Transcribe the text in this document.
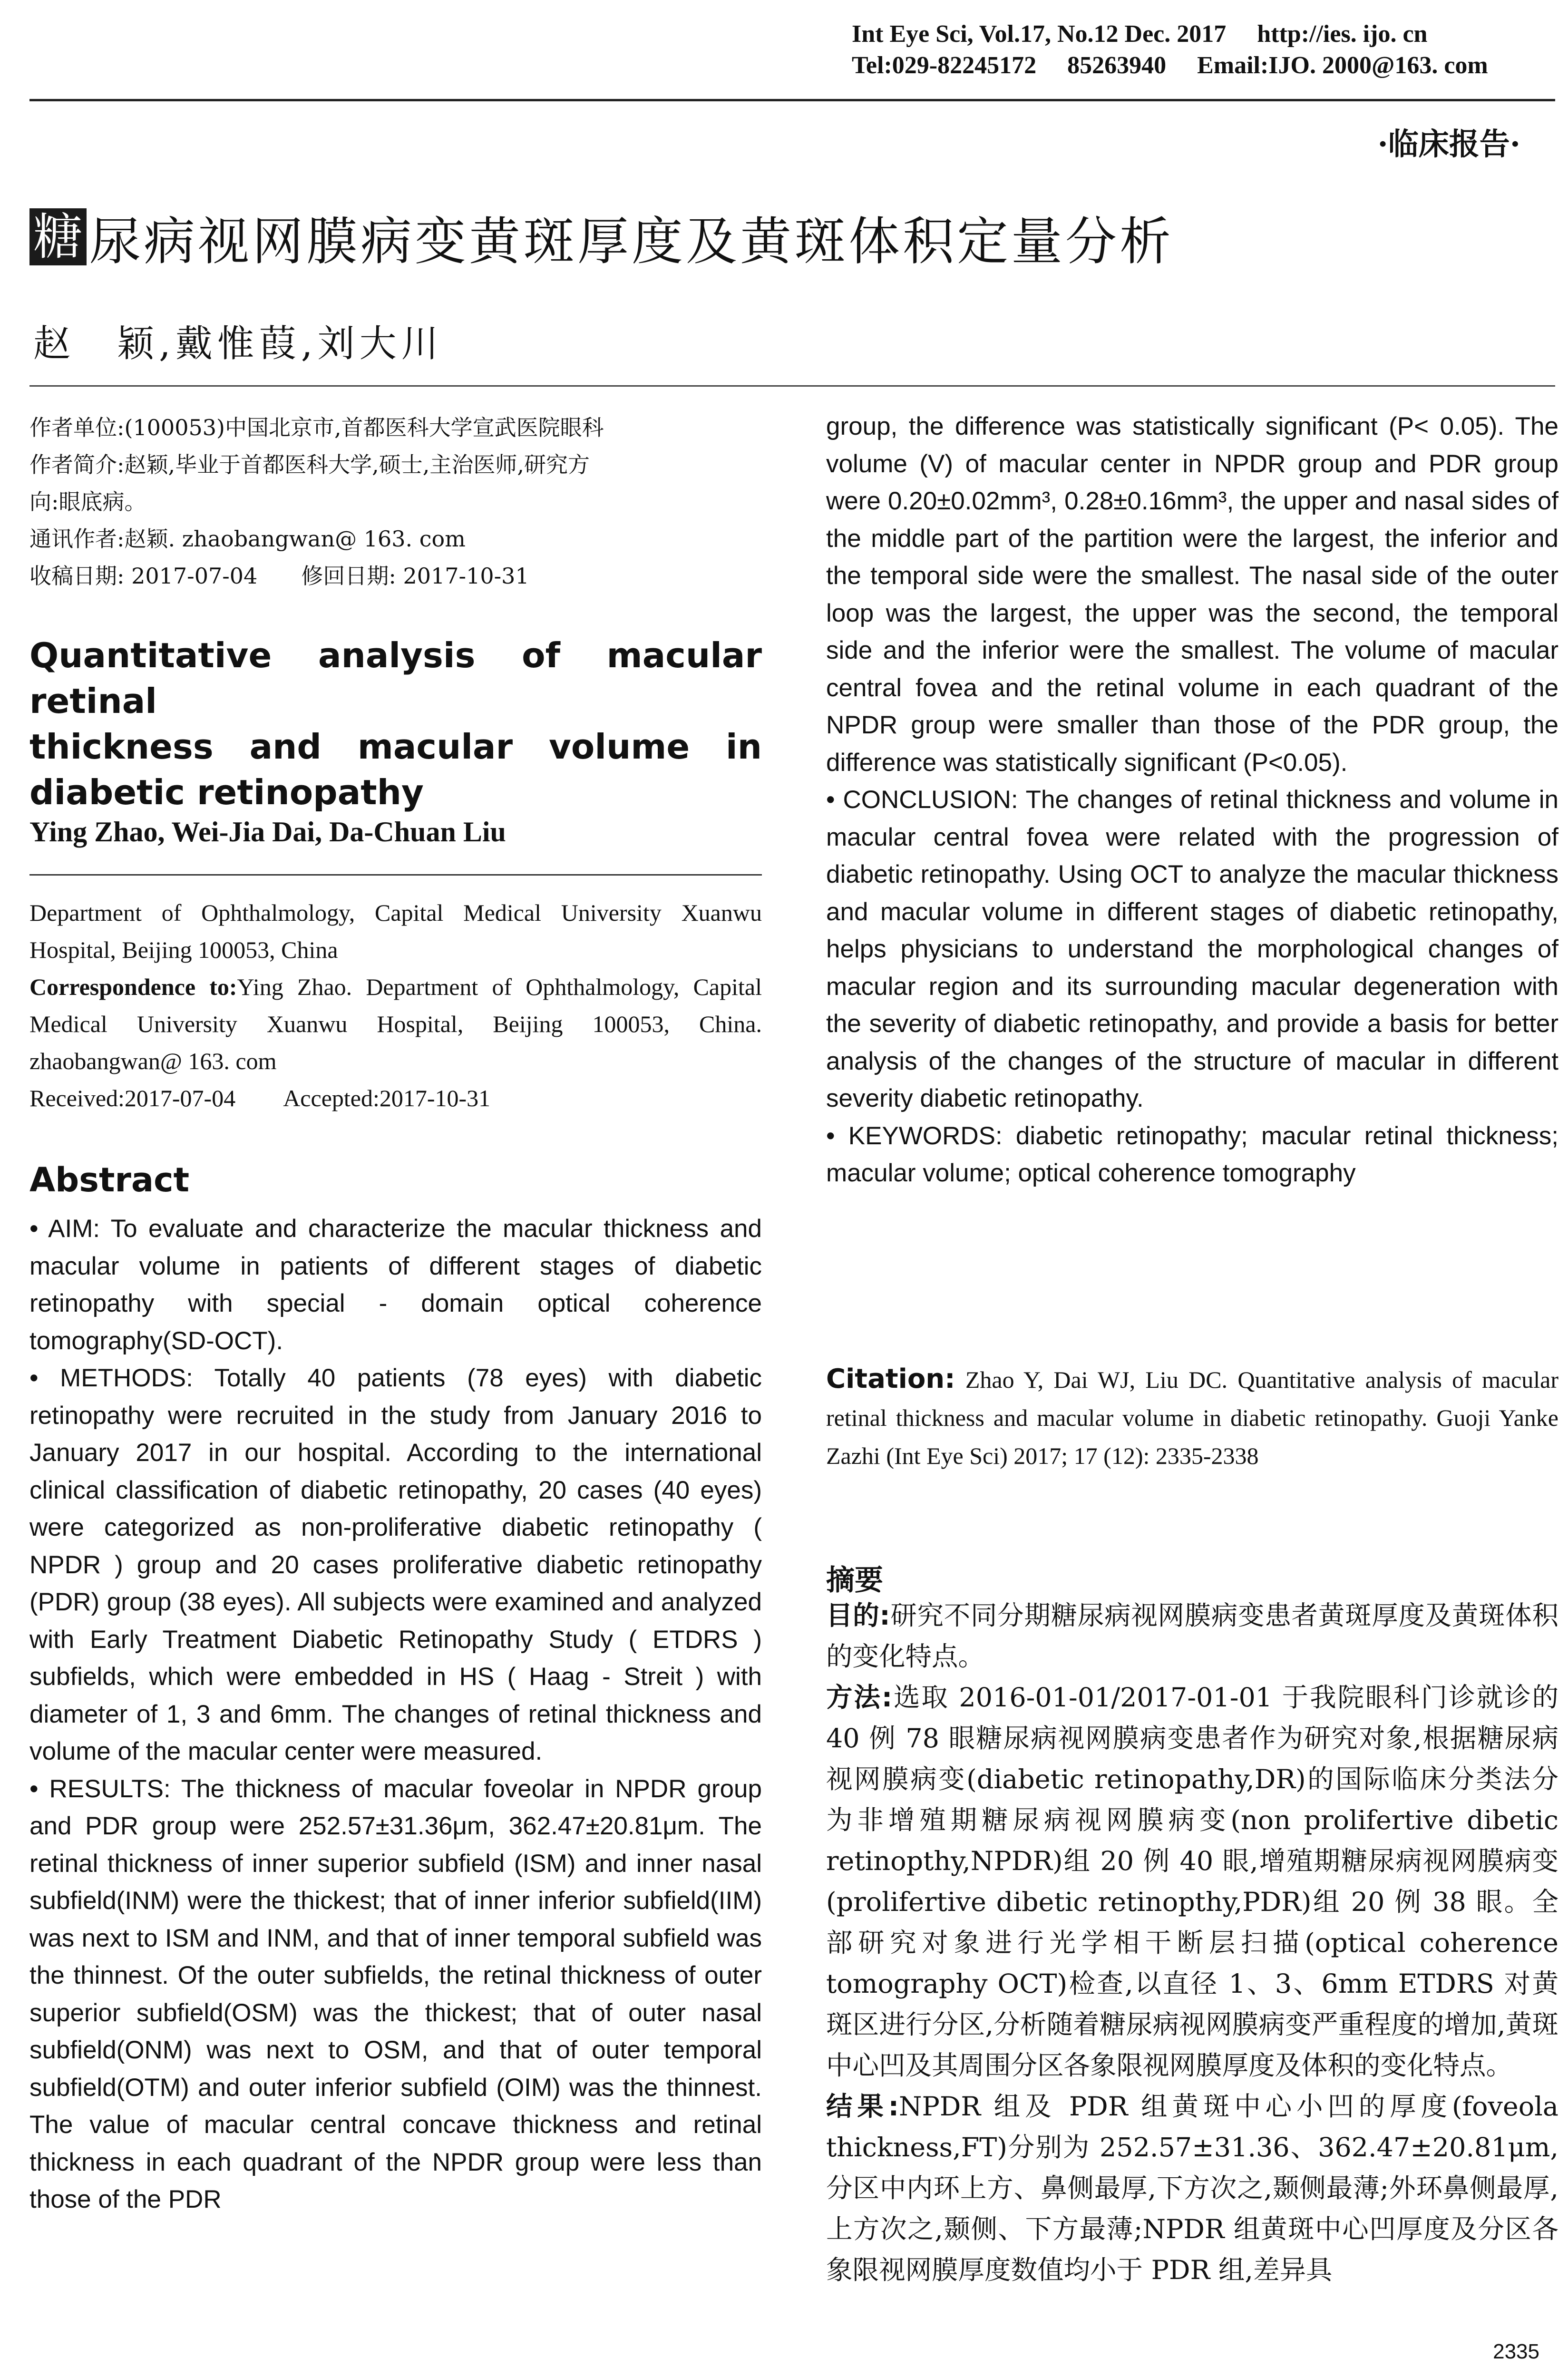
Int Eye Sci, Vol.17, No.12 Dec. 2017     http://ies. ijo. cn
Tel:029-82245172     85263940     Email:IJO. 2000@163. com
·临床报告·
糖 尿病视网膜病变黄斑厚度及黄斑体积定量分析
赵　颖,戴惟葭,刘大川
作者单位:(100053)中国北京市,首都医科大学宣武医院眼科
作者简介:赵颖,毕业于首都医科大学,硕士,主治医师,研究方
向:眼底病。
通讯作者:赵颖. zhaobangwan@ 163. com
收稿日期: 2017-07-04　　修回日期: 2017-10-31
Quantitative analysis of macular retinal
thickness and macular volume in
diabetic retinopathy
Ying Zhao, Wei-Jia Dai, Da-Chuan Liu

Department of Ophthalmology, Capital Medical University Xuanwu Hospital, Beijing 100053, China

Correspondence to:Ying Zhao. Department of Ophthalmology, Capital Medical University Xuanwu Hospital, Beijing 100053, China. zhaobangwan@ 163. com

Received:2017-07-04　　Accepted:2017-10-31

Abstract

• AIM: To evaluate and characterize the macular thickness and macular volume in patients of different stages of diabetic retinopathy with special - domain optical coherence tomography(SD-OCT).

• METHODS: Totally 40 patients (78 eyes) with diabetic retinopathy were recruited in the study from January 2016 to January 2017 in our hospital. According to the international clinical classification of diabetic retinopathy, 20 cases (40 eyes) were categorized as non-proliferative diabetic retinopathy ( NPDR ) group and 20 cases proliferative diabetic retinopathy (PDR) group (38 eyes). All subjects were examined and analyzed with Early Treatment Diabetic Retinopathy Study ( ETDRS ) subfields, which were embedded in HS ( Haag - Streit ) with diameter of 1, 3 and 6mm. The changes of retinal thickness and volume of the macular center were measured.

• RESULTS: The thickness of macular foveolar in NPDR group and PDR group were 252.57±31.36μm, 362.47±20.81μm. The retinal thickness of inner superior subfield (ISM) and inner nasal subfield(INM) were the thickest; that of inner inferior subfield(IIM) was next to ISM and INM, and that of inner temporal subfield was the thinnest. Of the outer subfields, the retinal thickness of outer superior subfield(OSM) was the thickest; that of outer nasal subfield(ONM) was next to OSM, and that of outer temporal subfield(OTM) and outer inferior subfield (OIM) was the thinnest. The value of macular central concave thickness and retinal thickness in each quadrant of the NPDR group were less than those of the PDR

group, the difference was statistically significant (P< 0.05). The volume (V) of macular center in NPDR group and PDR group were 0.20±0.02mm³, 0.28±0.16mm³, the upper and nasal sides of the middle part of the partition were the largest, the inferior and the temporal side were the smallest. The nasal side of the outer loop was the largest, the upper was the second, the temporal side and the inferior were the smallest. The volume of macular central fovea and the retinal volume in each quadrant of the NPDR group were smaller than those of the PDR group, the difference was statistically significant (P<0.05).

• CONCLUSION: The changes of retinal thickness and volume in macular central fovea were related with the progression of diabetic retinopathy. Using OCT to analyze the macular thickness and macular volume in different stages of diabetic retinopathy, helps physicians to understand the morphological changes of macular region and its surrounding macular degeneration with the severity of diabetic retinopathy, and provide a basis for better analysis of the changes of the structure of macular in different severity diabetic retinopathy.

• KEYWORDS: diabetic retinopathy; macular retinal thickness; macular volume; optical coherence tomography

Citation: Zhao Y, Dai WJ, Liu DC. Quantitative analysis of macular retinal thickness and macular volume in diabetic retinopathy. Guoji Yanke Zazhi (Int Eye Sci) 2017; 17 (12): 2335-2338
摘要

目的:研究不同分期糖尿病视网膜病变患者黄斑厚度及黄斑体积的变化特点。

方法:选取 2016-01-01/2017-01-01 于我院眼科门诊就诊的 40 例 78 眼糖尿病视网膜病变患者作为研究对象,根据糖尿病视网膜病变(diabetic retinopathy,DR)的国际临床分类法分为非增殖期糖尿病视网膜病变(non prolifertive dibetic retinopthy,NPDR)组 20 例 40 眼,增殖期糖尿病视网膜病变(prolifertive dibetic retinopthy,PDR)组 20 例 38 眼。全部研究对象进行光学相干断层扫描(optical coherence tomography OCT)检查,以直径 1、3、6mm ETDRS 对黄斑区进行分区,分析随着糖尿病视网膜病变严重程度的增加,黄斑中心凹及其周围分区各象限视网膜厚度及体积的变化特点。

结果:NPDR 组及 PDR 组黄斑中心小凹的厚度(foveola thickness,FT)分别为 252.57±31.36、362.47±20.81μm,分区中内环上方、鼻侧最厚,下方次之,颞侧最薄;外环鼻侧最厚,上方次之,颞侧、下方最薄;NPDR 组黄斑中心凹厚度及分区各象限视网膜厚度数值均小于 PDR 组,差异具

2335
